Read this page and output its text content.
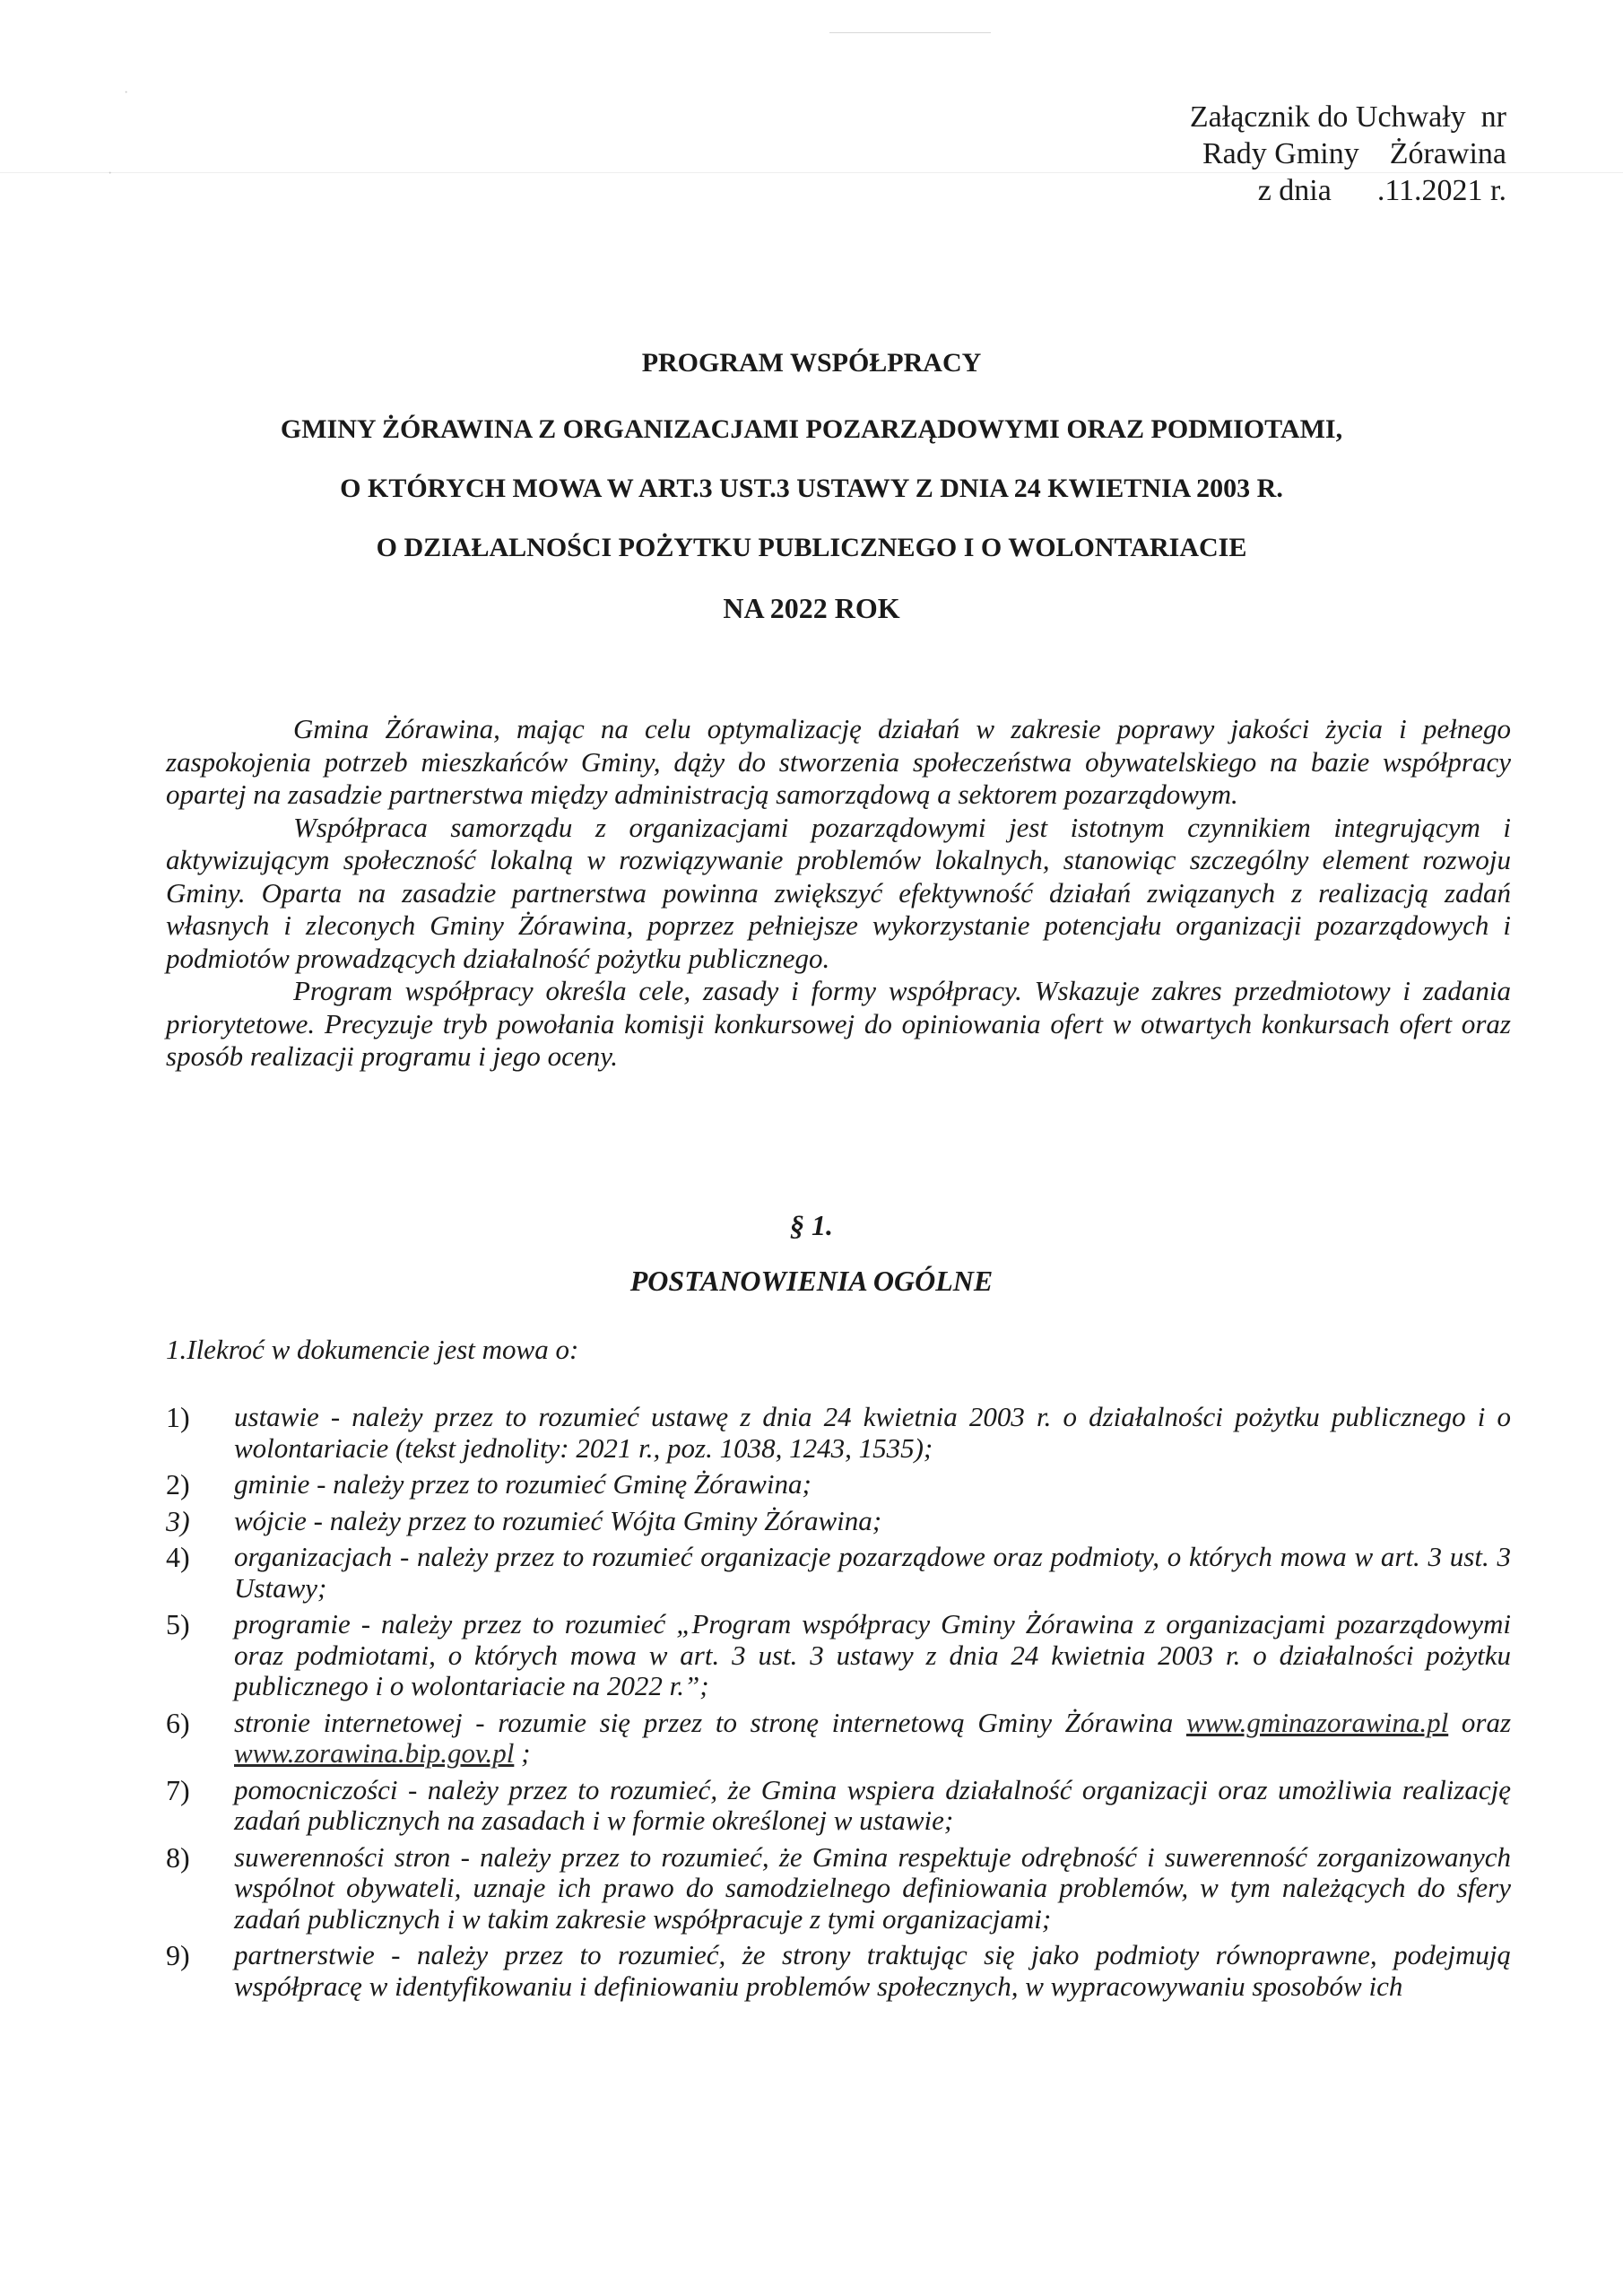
·
·
Załącznik do Uchwały  nr
Rady Gminy    Żórawina
z dnia      .11.2021 r.

PROGRAM WSPÓŁPRACY

GMINY ŻÓRAWINA Z ORGANIZACJAMI POZARZĄDOWYMI ORAZ PODMIOTAMI,

O KTÓRYCH MOWA W ART.3 UST.3 USTAWY Z DNIA 24 KWIETNIA 2003 R.

O DZIAŁALNOŚCI POŻYTKU PUBLICZNEGO I O WOLONTARIACIE

NA 2022 ROK

Gmina Żórawina, mając na celu optymalizację działań w zakresie poprawy jakości życia i pełnego zaspokojenia potrzeb mieszkańców Gminy, dąży do stworzenia społeczeństwa obywatelskiego na bazie współpracy opartej na zasadzie partnerstwa między administracją samorządową a sektorem pozarządowym.

Współpraca samorządu z organizacjami pozarządowymi jest istotnym czynnikiem integrującym i aktywizującym społeczność lokalną w rozwiązywanie problemów lokalnych, stanowiąc szczególny element rozwoju Gminy. Oparta na zasadzie partnerstwa powinna zwiększyć efektywność działań związanych z realizacją zadań własnych i zleconych Gminy Żórawina, poprzez pełniejsze wykorzystanie potencjału organizacji pozarządowych i podmiotów prowadzących działalność pożytku publicznego.

Program współpracy określa cele, zasady i formy współpracy. Wskazuje zakres przedmiotowy i zadania priorytetowe. Precyzuje tryb powołania komisji konkursowej do opiniowania ofert w otwartych konkursach ofert oraz sposób realizacji programu i jego oceny.

§ 1.
POSTANOWIENIA OGÓLNE
1.Ilekroć w dokumencie jest mowa o:
1) ustawie - należy przez to rozumieć ustawę z dnia 24 kwietnia 2003 r. o działalności pożytku publicznego i o wolontariacie (tekst jednolity: 2021 r., poz. 1038, 1243, 1535);
2) gminie - należy przez to rozumieć Gminę Żórawina;
3) wójcie - należy przez to rozumieć Wójta Gminy Żórawina;
4) organizacjach - należy przez to rozumieć organizacje pozarządowe oraz podmioty, o których mowa w art. 3 ust. 3 Ustawy;
5) programie - należy przez to rozumieć „Program współpracy Gminy Żórawina z organizacjami pozarządowymi oraz podmiotami, o których mowa w art. 3 ust. 3 ustawy z dnia 24 kwietnia 2003 r. o działalności pożytku publicznego i o wolontariacie na 2022 r.”;
6) stronie internetowej - rozumie się przez to stronę internetową Gminy Żórawina www.gminazorawina.pl oraz www.zorawina.bip.gov.pl ;
7) pomocniczości - należy przez to rozumieć, że Gmina wspiera działalność organizacji oraz umożliwia realizację zadań publicznych na zasadach i w formie określonej w ustawie;
8) suwerenności stron - należy przez to rozumieć, że Gmina respektuje odrębność i suwerenność zorganizowanych wspólnot obywateli, uznaje ich prawo do samodzielnego definiowania problemów, w tym należących do sfery zadań publicznych i w takim zakresie współpracuje z tymi organizacjami;
9) partnerstwie - należy przez to rozumieć, że strony traktując się jako podmioty równoprawne, podejmują współpracę w identyfikowaniu i definiowaniu problemów społecznych, w wypracowywaniu sposobów ich
